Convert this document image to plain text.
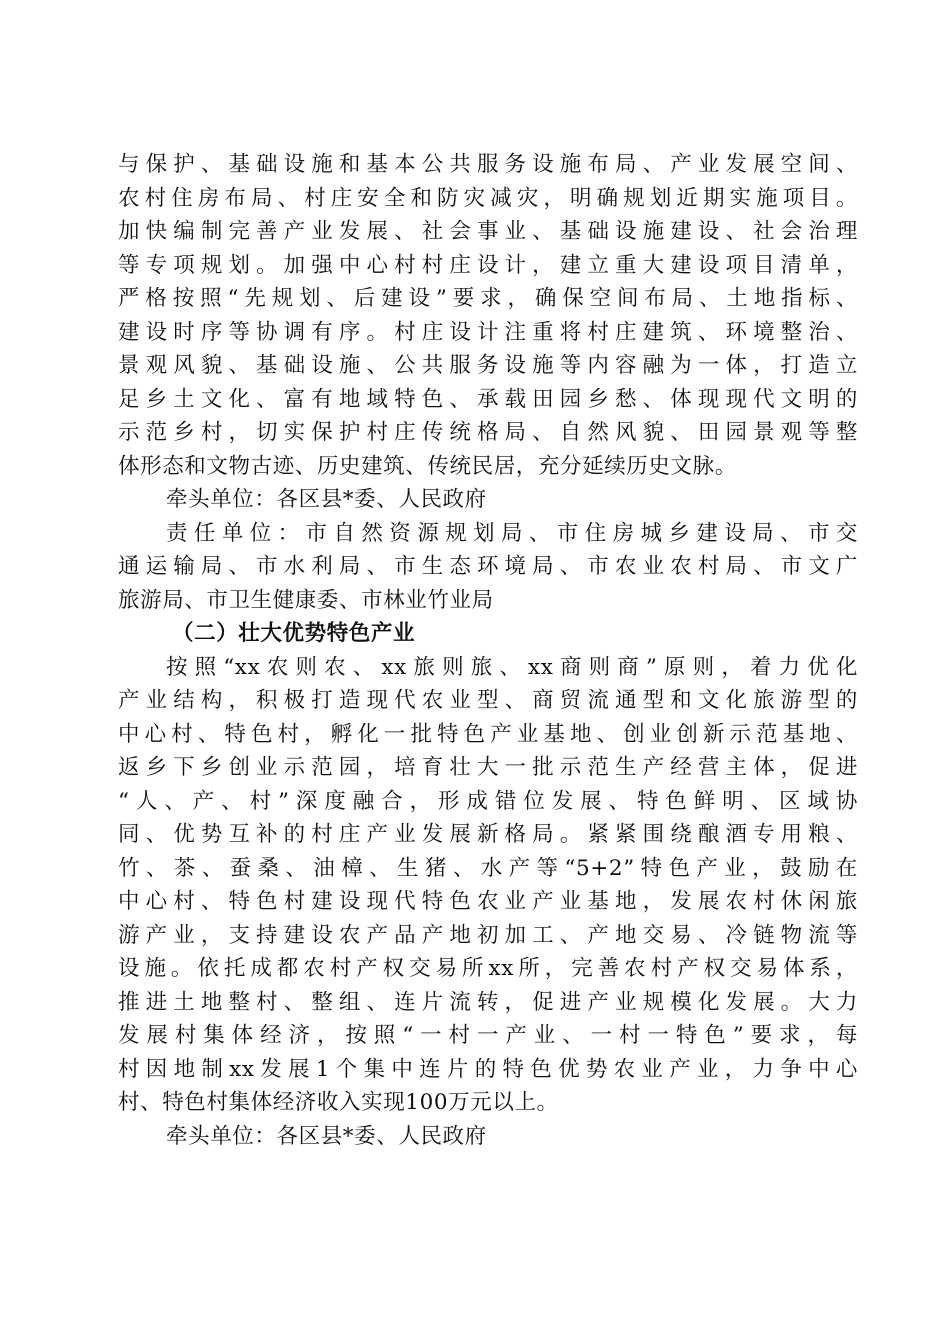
与保护、基础设施和基本公共服务设施布局、产业发展空间、
农村住房布局、村庄安全和防灾减灾，明确规划近期实施项目。
加快编制完善产业发展、社会事业、基础设施建设、社会治理
等专项规划。加强中心村村庄设计，建立重大建设项目清单，
严格按照“先规划、后建设”要求，确保空间布局、土地指标、
建设时序等协调有序。村庄设计注重将村庄建筑、环境整治、
景观风貌、基础设施、公共服务设施等内容融为一体，打造立
足乡土文化、富有地域特色、承载田园乡愁、体现现代文明的
示范乡村，切实保护村庄传统格局、自然风貌、田园景观等整
体形态和文物古迹、历史建筑、传统民居，充分延续历史文脉。
牵头单位：各区县*委、人民政府
责任单位：市自然资源规划局、市住房城乡建设局、市交
通运输局、市水利局、市生态环境局、市农业农村局、市文广
旅游局、市卫生健康委、市林业竹业局
（二）壮大优势特色产业
按照“xx农则农、xx旅则旅、xx商则商”原则，着力优化
产业结构，积极打造现代农业型、商贸流通型和文化旅游型的
中心村、特色村，孵化一批特色产业基地、创业创新示范基地、
返乡下乡创业示范园，培育壮大一批示范生产经营主体，促进
“人、产、村”深度融合，形成错位发展、特色鲜明、区域协
同、优势互补的村庄产业发展新格局。紧紧围绕酿酒专用粮、
竹、茶、蚕桑、油樟、生猪、水产等“5+2”特色产业，鼓励在
中心村、特色村建设现代特色农业产业基地，发展农村休闲旅
游产业，支持建设农产品产地初加工、产地交易、冷链物流等
设施。依托成都农村产权交易所xx所，完善农村产权交易体系，
推进土地整村、整组、连片流转，促进产业规模化发展。大力
发展村集体经济，按照“一村一产业、一村一特色”要求，每
村因地制xx发展1个集中连片的特色优势农业产业，力争中心
村、特色村集体经济收入实现100万元以上。
牵头单位：各区县*委、人民政府
